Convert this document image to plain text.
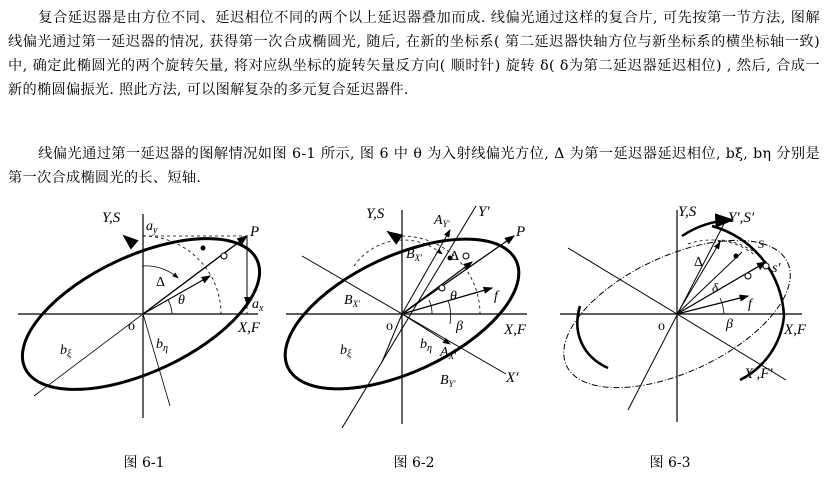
复合延迟器是由方位不同、延迟相位不同的两个以上延迟器叠加而成. 线偏光通过这样的复合片, 可先按第一节方法, 图解线偏光通过第一延迟器的情况, 获得第一次合成椭圆光, 随后, 在新的坐标系( 第二延迟器快轴方位与新坐标系的横坐标轴一致) 中, 确定此椭圆光的两个旋转矢量, 将对应纵坐标的旋转矢量反方向( 顺时针) 旋转 δ( δ为第二延迟器延迟相位) , 然后, 合成一新的椭圆偏振光. 照此方法, 可以图解复杂的多元复合延迟器件.

线偏光通过第一延迟器的图解情况如图 6-1 所示, 图 6 中 θ 为入射线偏光方位, Δ 为第一延迟器延迟相位, bξ, bη 分别是第一次合成椭圆光的长、短轴.

Y,S
X,F
o
P
$a_y$
$a_x$
Δ
θ
$b_\xi$
$b_\eta$
Y,S
X,F
Y′
X′
o
P
$A_{Y'}$
$B_{X'}$ Δ
θ	f
β
$B_{X'}$
$A_{X'}$
$B_{Y'}$
$b_\xi$
$b_\eta$
Y,S Y′,S′
X,F
X′,F′
o
S
s′
Δ
δ
f
β
图 6-1	图 6-2	图 6-3
